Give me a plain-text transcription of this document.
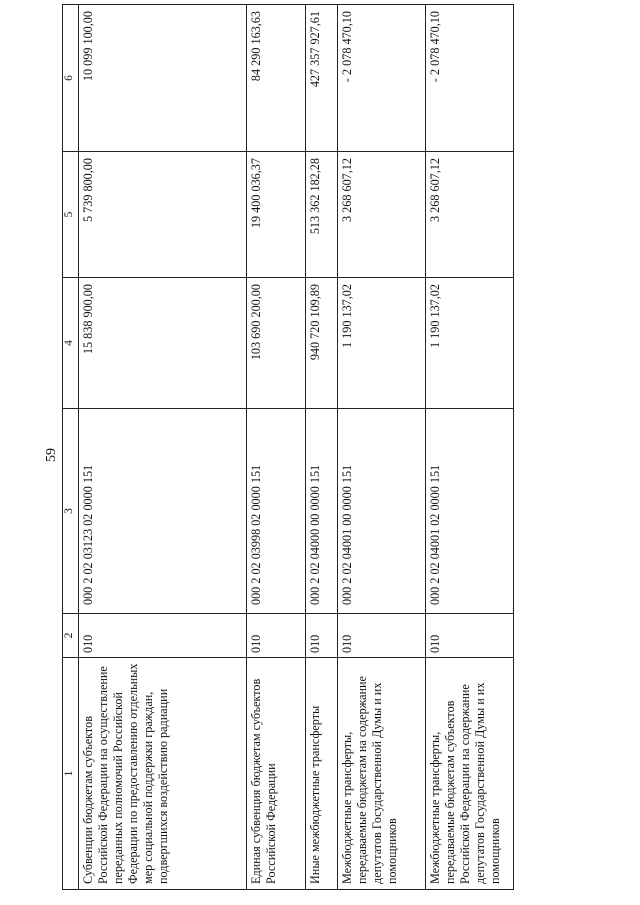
59
1	2	3	4	5	6
Субвенции бюджетам субъектов Российской Федерации на осуществление переданных полномочий Российской Федерации по предоставлению отдельных мер социальной поддержки граждан, подвергшихся воздействию радиации	010	000 2 02 03123 02 0000 151	15 838 900,00	5 739 800,00	10 099 100,00
Единая субвенция бюджетам субъектов Российской Федерации	010	000 2 02 03998 02 0000 151	103 690 200,00	19 400 036,37	84 290 163,63
Иные межбюджетные трансферты	010	000 2 02 04000 00 0000 151	940 720 109,89	513 362 182,28	427 357 927,61
Межбюджетные трансферты, передаваемые бюджетам на содержание депутатов Государственной Думы и их помощников	010	000 2 02 04001 00 0000 151	1 190 137,02	3 268 607,12	- 2 078 470,10
Межбюджетные трансферты, передаваемые бюджетам субъектов Российской Федерации на содержание депутатов Государственной Думы и их помощников	010	000 2 02 04001 02 0000 151	1 190 137,02	3 268 607,12	- 2 078 470,10
